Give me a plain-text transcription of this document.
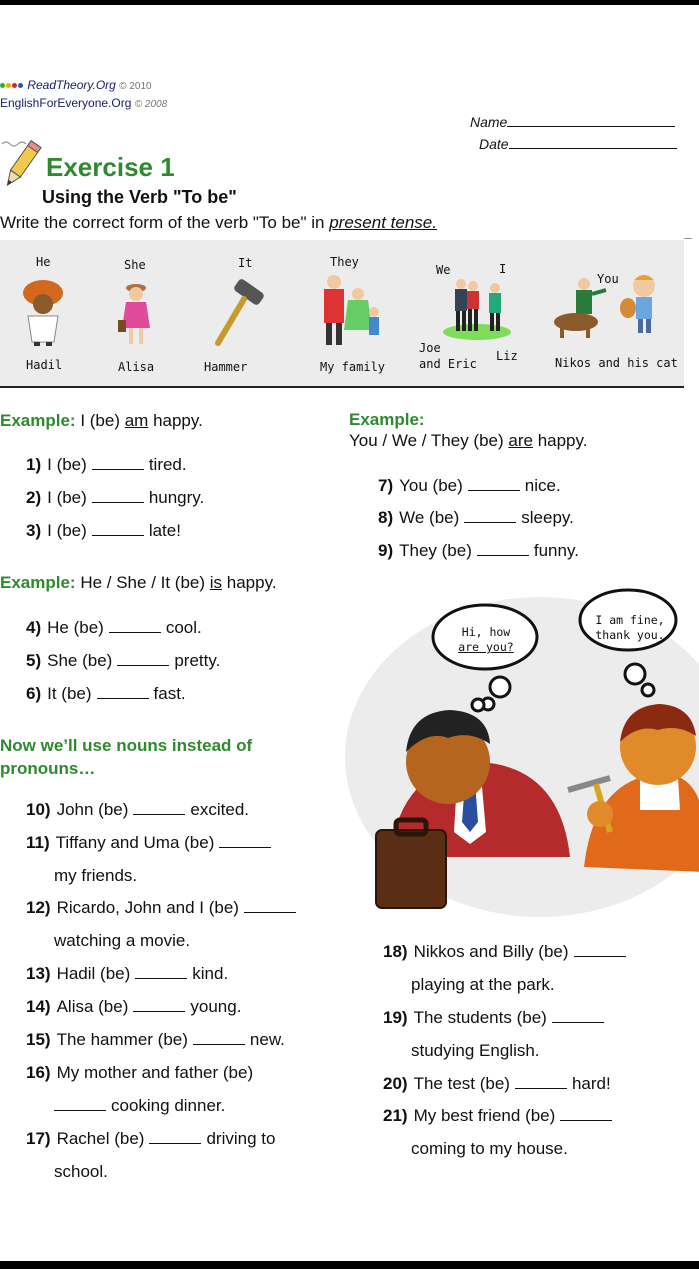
ReadTheory.Org © 2010
EnglishForEveryone.Org © 2008
Name
Date
Exercise 1
Using the Verb "To be"
Write the correct form of the verb "To be" in present tense.
He	She	It	They
We	I
You
Hadil	Alisa	Hammer	My family
Joe
and Eric
Liz	Nikos and his cat
Example: I (be) am happy.	Example:
You / We / They (be) are happy.
Example: He / She / It (be) is happy.
1) I (be)	tired.
2) I (be)	hungry.
3) I (be)	late!
7) You (be)	nice.
8) We (be)	sleepy.
9) They (be)	funny.
4) He (be)	cool.
5) She (be)	pretty.
6) It (be)	fast.
Now we’ll use nouns instead of
pronouns…
10) John (be)	excited.
11) Tiffany and Uma (be)
my friends.
12) Ricardo, John and I (be)
watching a movie.
13) Hadil (be)	kind.
14) Alisa (be)	young.
15) The hammer (be)	new.
16) My mother and father (be)
cooking dinner.
17) Rachel (be)	driving to
school.
18) Nikkos and Billy (be)
playing at the park.
19) The students (be)
studying English.
20) The test (be)	hard!
21) My best friend (be)
coming to my house.
Hi, how
are you?
I am fine,
thank you.
